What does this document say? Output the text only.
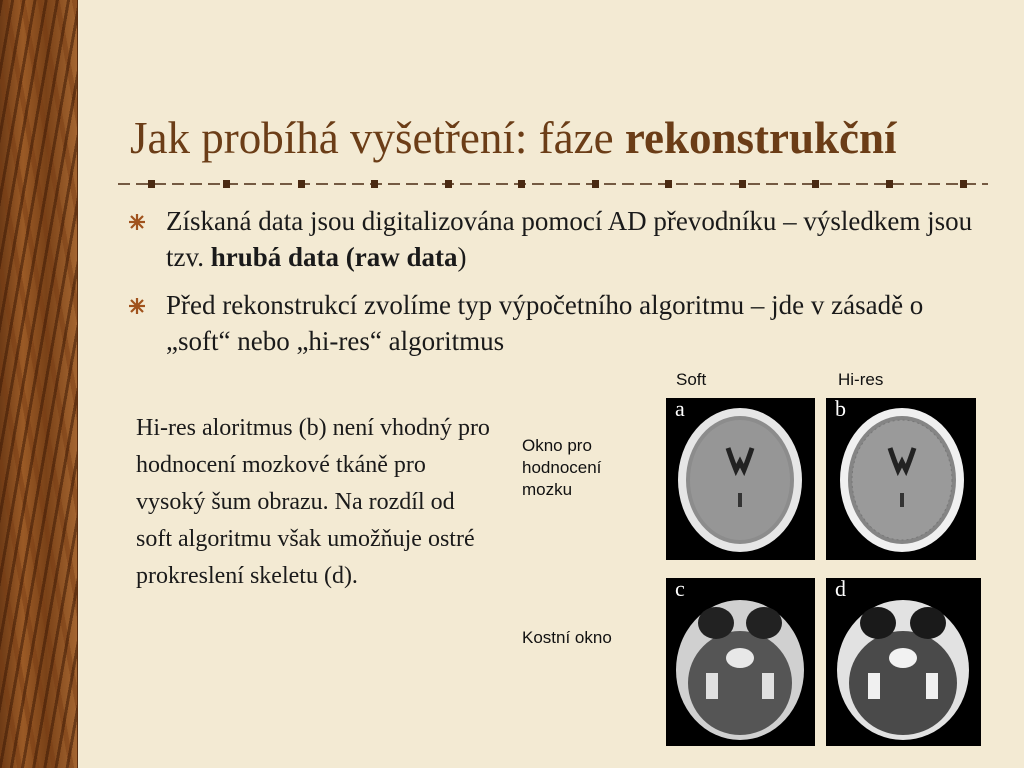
Jak probíhá vyšetření: fáze rekonstrukční
Získaná data jsou digitalizována pomocí AD převodníku – výsledkem jsou tzv. hrubá data (raw data)
Před rekonstrukcí zvolíme typ výpočetního algoritmu – jde v zásadě o „soft“ nebo „hi-res“ algoritmus
Hi-res aloritmus (b) není vhodný pro hodnocení mozkové tkáně pro vysoký šum obrazu. Na rozdíl od soft algoritmu však umožňuje ostré prokreslení skeletu (d).
Soft	Hi-res
Okno pro hodnocení mozku
Kostní okno
a	b
c	d
